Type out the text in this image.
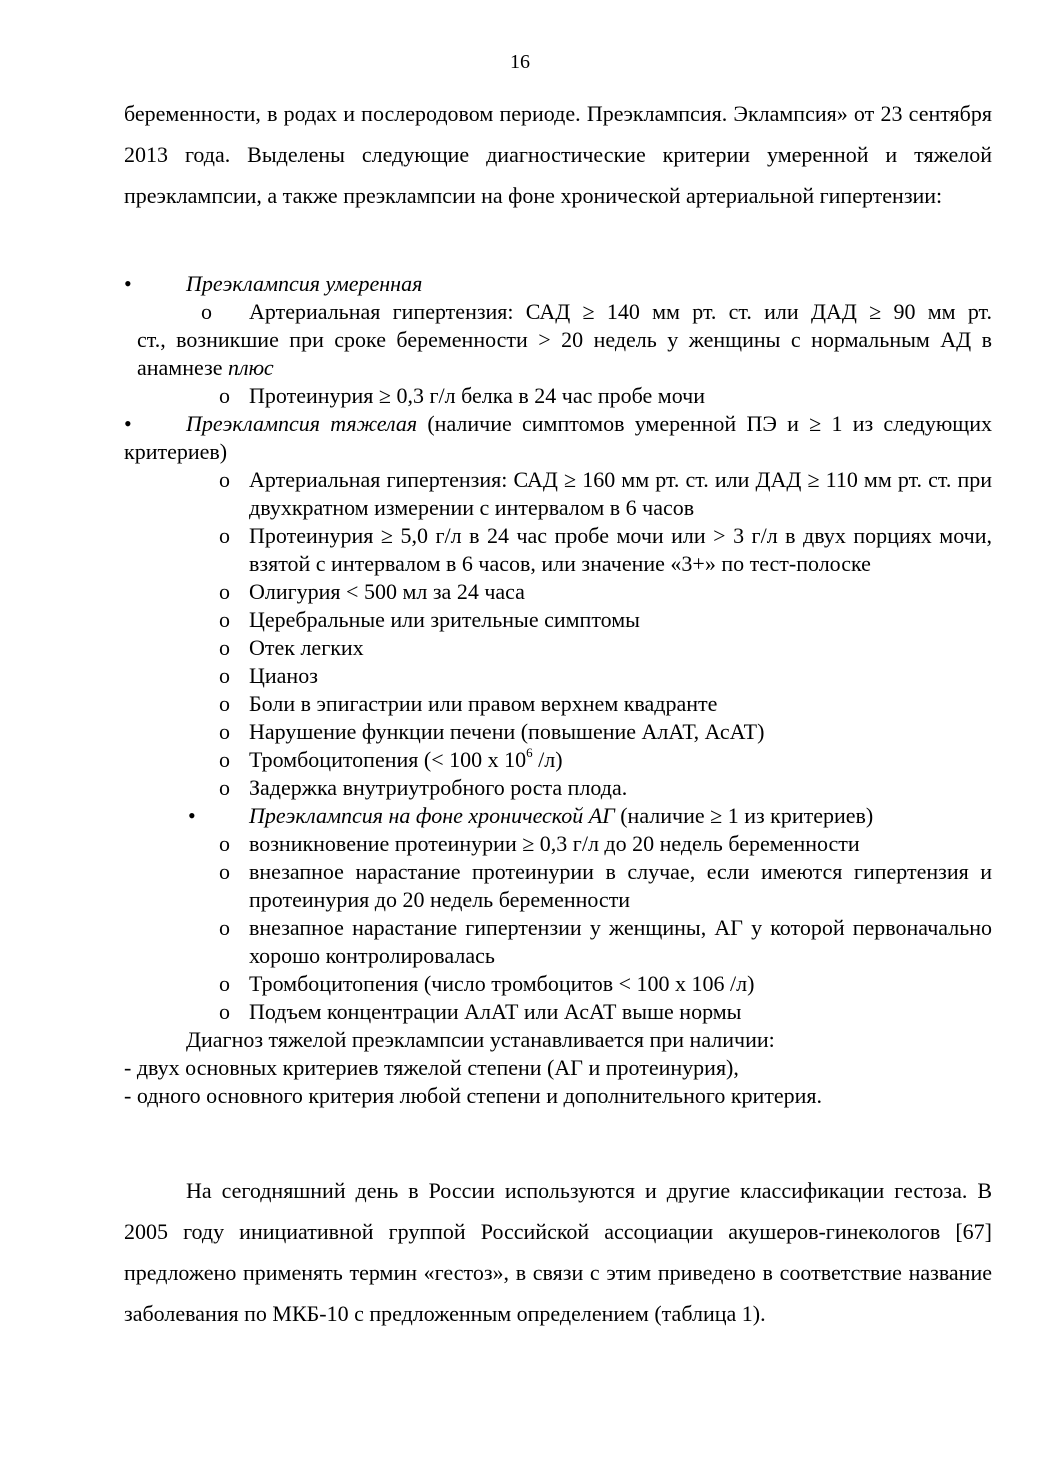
16

беременности, в родах и послеродовом периоде. Преэклампсия. Эклампсия» от 23 сентября 2013 года. Выделены следующие диагностические критерии умеренной и тяжелой преэклампсии, а также преэклампсии на фоне хронической артериальной гипертензии:

•	Преэклампсия умеренная
o	Артериальная гипертензия: САД ≥ 140 мм рт. ст. или ДАД ≥ 90 мм рт.
ст., возникшие при сроке беременности > 20 недель у женщины с нормальным АД в анамнезе плюс
o Протеинурия ≥ 0,3 г/л белка в 24 час пробе мочи
•	Преэклампсия тяжелая (наличие симптомов умеренной ПЭ и ≥ 1 из следующих критериев)
o Артериальная гипертензия: САД ≥ 160 мм рт. ст. или ДАД ≥ 110 мм рт. ст. при двухкратном измерении с интервалом в 6 часов
o Протеинурия ≥ 5,0 г/л в 24 час пробе мочи или > 3 г/л в двух порциях мочи, взятой с интервалом в 6 часов, или значение «3+» по тест-полоске
o Олигурия < 500 мл за 24 часа
o Церебральные или зрительные симптомы
o Отек легких
o Цианоз
o Боли в эпигастрии или правом верхнем квадранте
o Нарушение функции печени (повышение АлАТ, АсАТ)
o Тромбоцитопения (< 100 x $10^6$ /л)
o Задержка внутриутробного роста плода.
•	Преэклампсия на фоне хронической АГ (наличие ≥ 1 из критериев)
o возникновение протеинурии ≥ 0,3 г/л до 20 недель беременности
o внезапное нарастание протеинурии в случае, если имеются гипертензия и протеинурия до 20 недель беременности
o внезапное нарастание гипертензии у женщины, АГ у которой первоначально хорошо контролировалась
o Тромбоцитопения (число тромбоцитов < 100 x 106 /л)
o Подъем концентрации АлАТ или АсАТ выше нормы
Диагноз тяжелой преэклампсии устанавливается при наличии:
- двух основных критериев тяжелой степени (АГ и протеинурия),
- одного основного критерия любой степени и дополнительного критерия.

На сегодняшний день в России используются и другие классификации гестоза. В 2005 году инициативной группой Российской ассоциации акушеров-гинекологов [67] предложено применять термин «гестоз», в связи с этим приведено в соответствие название заболевания по МКБ-10 с предложенным определением (таблица 1).
